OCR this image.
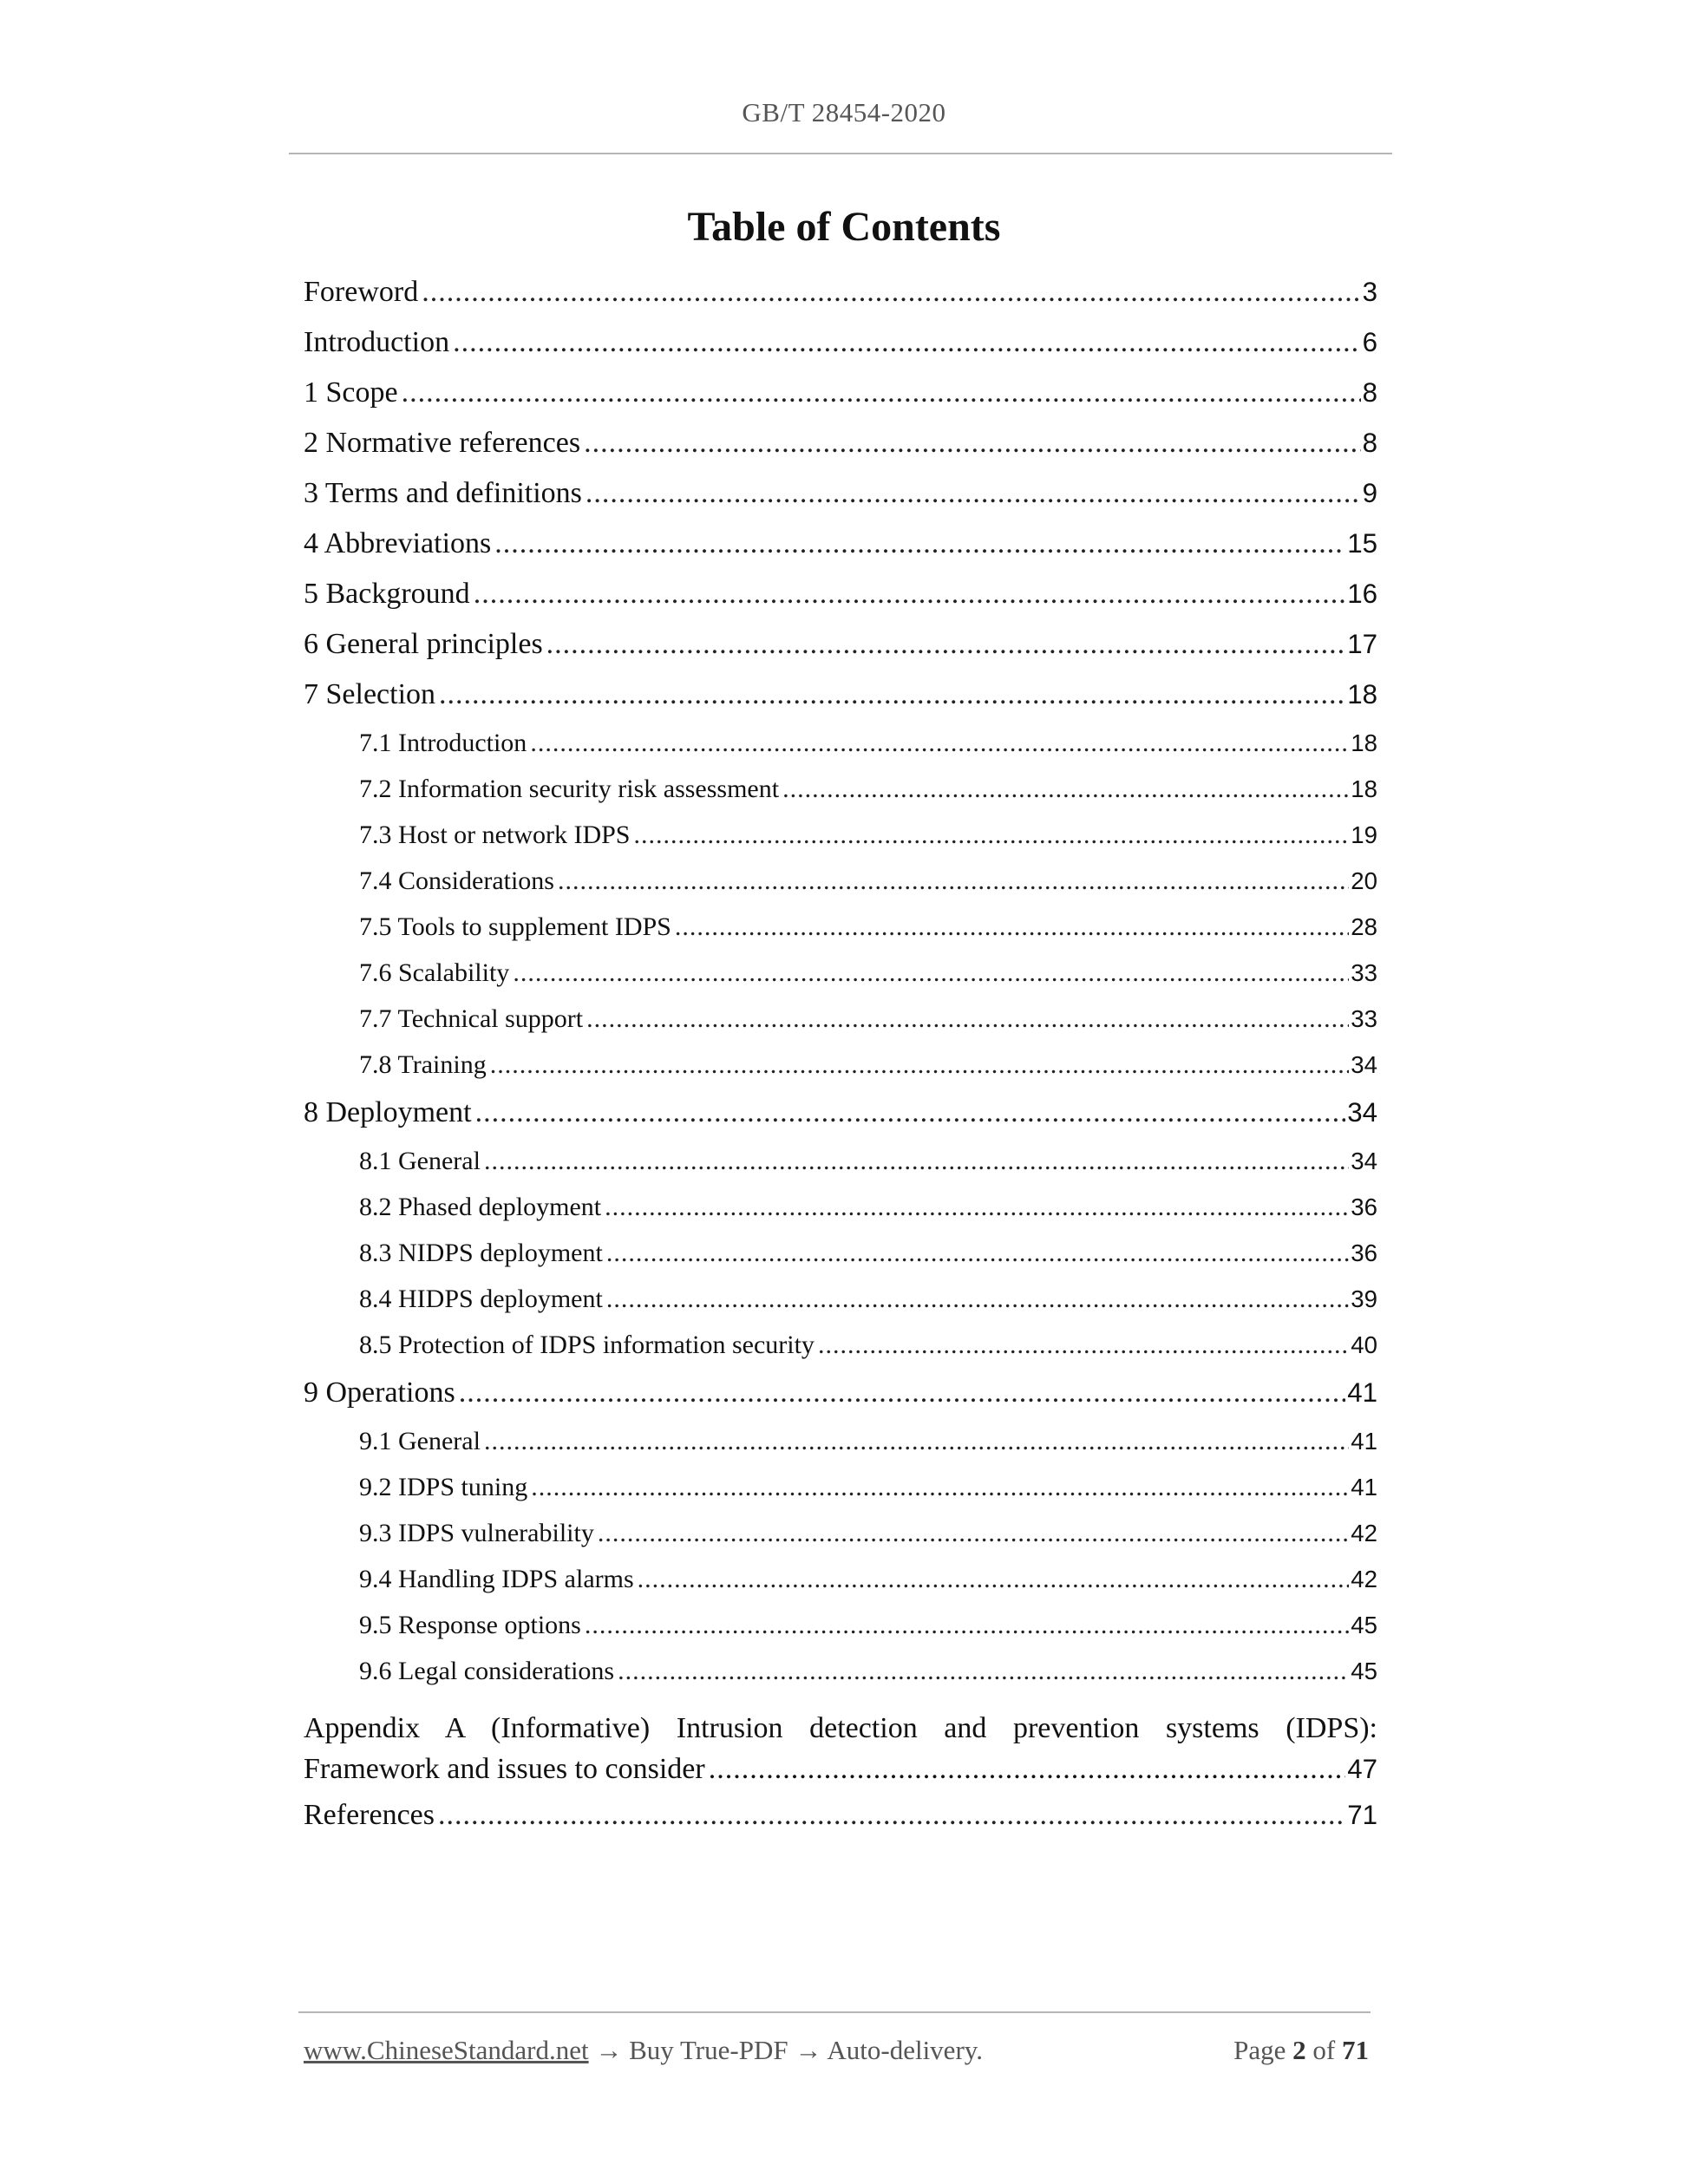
GB/T 28454-2020
Table of Contents
Foreword .....	3
Introduction .....	6
1 Scope .....	8
2 Normative references .....	8
3 Terms and definitions .....	9
4 Abbreviations .....	15
5 Background .....	16
6 General principles .....	17
7 Selection .....	18
7.1 Introduction .....	18
7.2 Information security risk assessment .....	18
7.3 Host or network IDPS .....	19
7.4 Considerations .....	20
7.5 Tools to supplement IDPS .....	28
7.6 Scalability .....	33
7.7 Technical support .....	33
7.8 Training .....	34
8 Deployment .....	34
8.1 General .....	34
8.2 Phased deployment .....	36
8.3 NIDPS deployment .....	36
8.4 HIDPS deployment .....	39
8.5 Protection of IDPS information security .....	40
9 Operations .....	41
9.1 General .....	41
9.2 IDPS tuning .....	41
9.3 IDPS vulnerability .....	42
9.4 Handling IDPS alarms .....	42
9.5 Response options .....	45
9.6 Legal considerations .....	45
Appendix A (Informative) Intrusion detection and prevention systems (IDPS):
Framework and issues to consider .....	47
References .....	71
www.ChineseStandard.net → Buy True-PDF → Auto-delivery.	Page 2 of 71
